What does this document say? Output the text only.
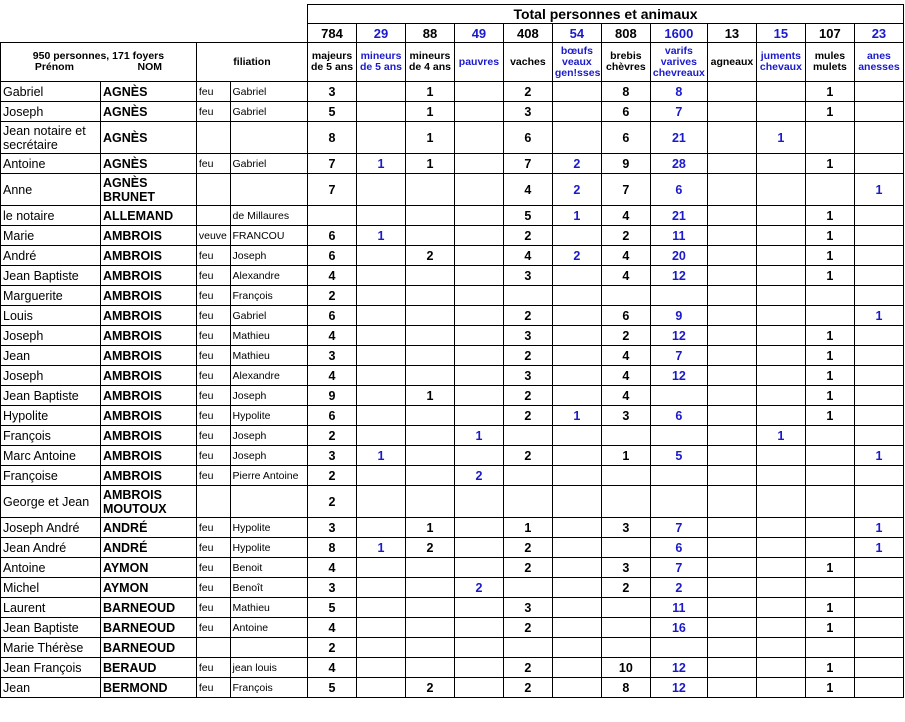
				Total personnes et animaux											
				784	29	88	49	408	54	808	1600	13	15	107	23

950 personnes, 171 foyers
Prénom NOM		filiation		majeurs de 5 ans	mineurs de 5 ans	mineurs de 4 ans	pauvres	vaches	bœufs veaux gen!sses	brebis chèvres	varifs varives chevreaux	agneaux	juments chevaux	mules mulets	anes anesses
Gabriel	AGNÈS	feu	Gabriel	3		1		2		8	8			1	
Joseph	AGNÈS	feu	Gabriel	5		1		3		6	7			1	
Jean notaire et secrétaire	AGNÈS			8		1		6		6	21		1		
Antoine	AGNÈS	feu	Gabriel	7	1	1		7	2	9	28			1	
Anne	AGNÈS BRUNET			7				4	2	7	6				1
le notaire	ALLEMAND		de Millaures					5	1	4	21			1	
Marie	AMBROIS	veuve	FRANCOU	6	1			2		2	11			1	
André	AMBROIS	feu	Joseph	6		2		4	2	4	20			1	
Jean Baptiste	AMBROIS	feu	Alexandre	4				3		4	12			1	
Marguerite	AMBROIS	feu	François	2											
Louis	AMBROIS	feu	Gabriel	6				2		6	9				1
Joseph	AMBROIS	feu	Mathieu	4				3		2	12			1	
Jean	AMBROIS	feu	Mathieu	3				2		4	7			1	
Joseph	AMBROIS	feu	Alexandre	4				3		4	12			1	
Jean Baptiste	AMBROIS	feu	Joseph	9		1		2		4				1	
Hypolite	AMBROIS	feu	Hypolite	6				2	1	3	6			1	
François	AMBROIS	feu	Joseph	2			1						1		
Marc Antoine	AMBROIS	feu	Joseph	3	1			2		1	5				1
Françoise	AMBROIS	feu	Pierre Antoine	2			2								
George et Jean	AMBROIS MOUTOUX			2											
Joseph André	ANDRÉ	feu	Hypolite	3		1		1		3	7				1
Jean André	ANDRÉ	feu	Hypolite	8	1	2		2			6				1
Antoine	AYMON	feu	Benoit	4				2		3	7			1	
Michel	AYMON	feu	Benoît	3			2			2	2				
Laurent	BARNEOUD	feu	Mathieu	5				3			11			1	
Jean Baptiste	BARNEOUD	feu	Antoine	4				2			16			1	
Marie Thérèse	BARNEOUD			2											
Jean François	BERAUD	feu	jean louis	4				2		10	12			1	
Jean	BERMOND	feu	François	5		2		2		8	12			1	
